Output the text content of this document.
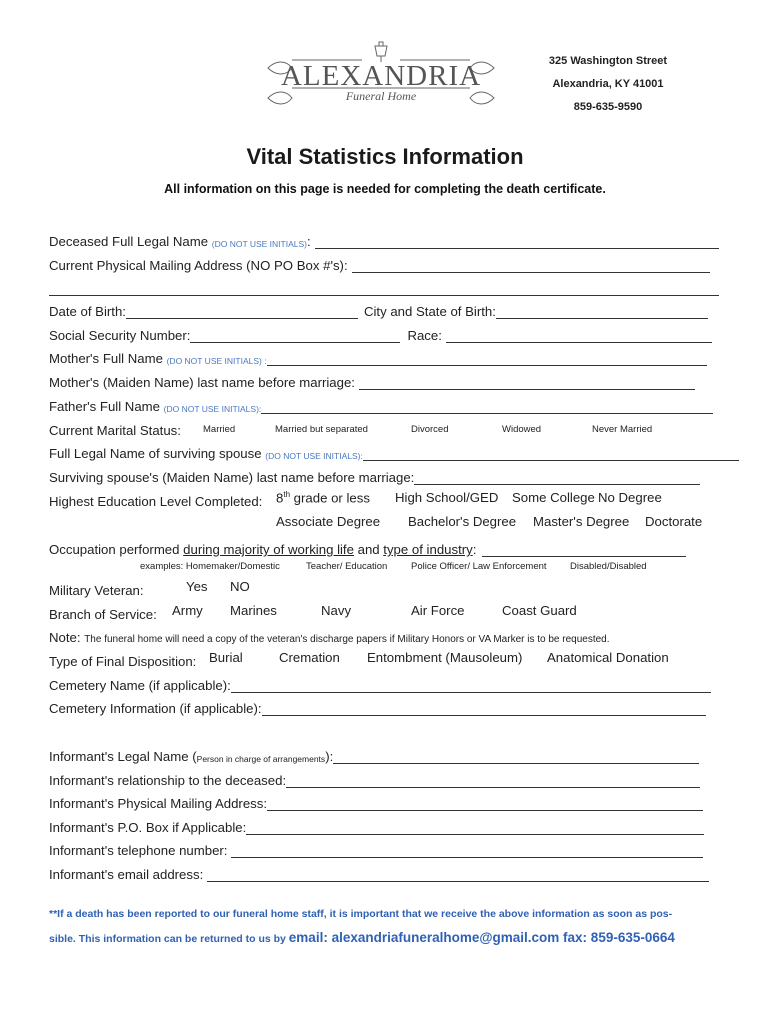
ALEXANDRIA
Funeral Home
325 Washington Street
Alexandria, KY 41001
859-635-9590
Vital Statistics Information
All information on this page is needed for completing the death certificate.
Deceased Full Legal Name
(DO NOT USE INITIALS) :
Current Physical Mailing Address (NO PO Box #'s):
Date of Birth:	City and State of Birth:
Social Security Number:	Race:
Mother's Full Name
(DO NOT USE INITIALS) :
Mother's (Maiden Name) last name before marriage:
Father's Full Name
(DO NOT USE INITIALS):
Current Marital Status: Married	Married but separated	Divorced	Widowed	Never Married
Full Legal Name of surviving spouse
(DO NOT USE INITIALS):
Surviving spouse's (Maiden Name) last name before marriage:
Highest Education Level Completed: 8th grade or less High School/GED Some College No Degree
Associate Degree Bachelor's Degree Master's Degree Doctorate
Occupation performed
during majority of working life
and
type of industry :
examples: Homemaker/Domestic	Teacher/ Education Police Officer/ Law Enforcement Disabled/Disabled
Military Veteran:	Yes NO
Branch of Service: Army Marines	Navy	Air Force	Coast Guard
Note:
The funeral home will need a copy of the veteran's discharge papers if Military Honors or VA Marker is to be requested.
Type of Final Disposition: Burial	Cremation Entombment (Mausoleum) Anatomical Donation
Cemetery Name (if applicable):
Cemetery Information (if applicable):
Informant's Legal Name ( Person in charge of arrangements ):
Informant's relationship to the deceased:
Informant's Physical Mailing Address:
Informant's P.O. Box if Applicable:
Informant's telephone number:
Informant's email address:
**If a death has been reported to our funeral home staff, it is important that we receive the above information as soon as pos-
sible. This information can be returned to us by email: alexandriafuneralhome@gmail.com fax: 859-635-0664
